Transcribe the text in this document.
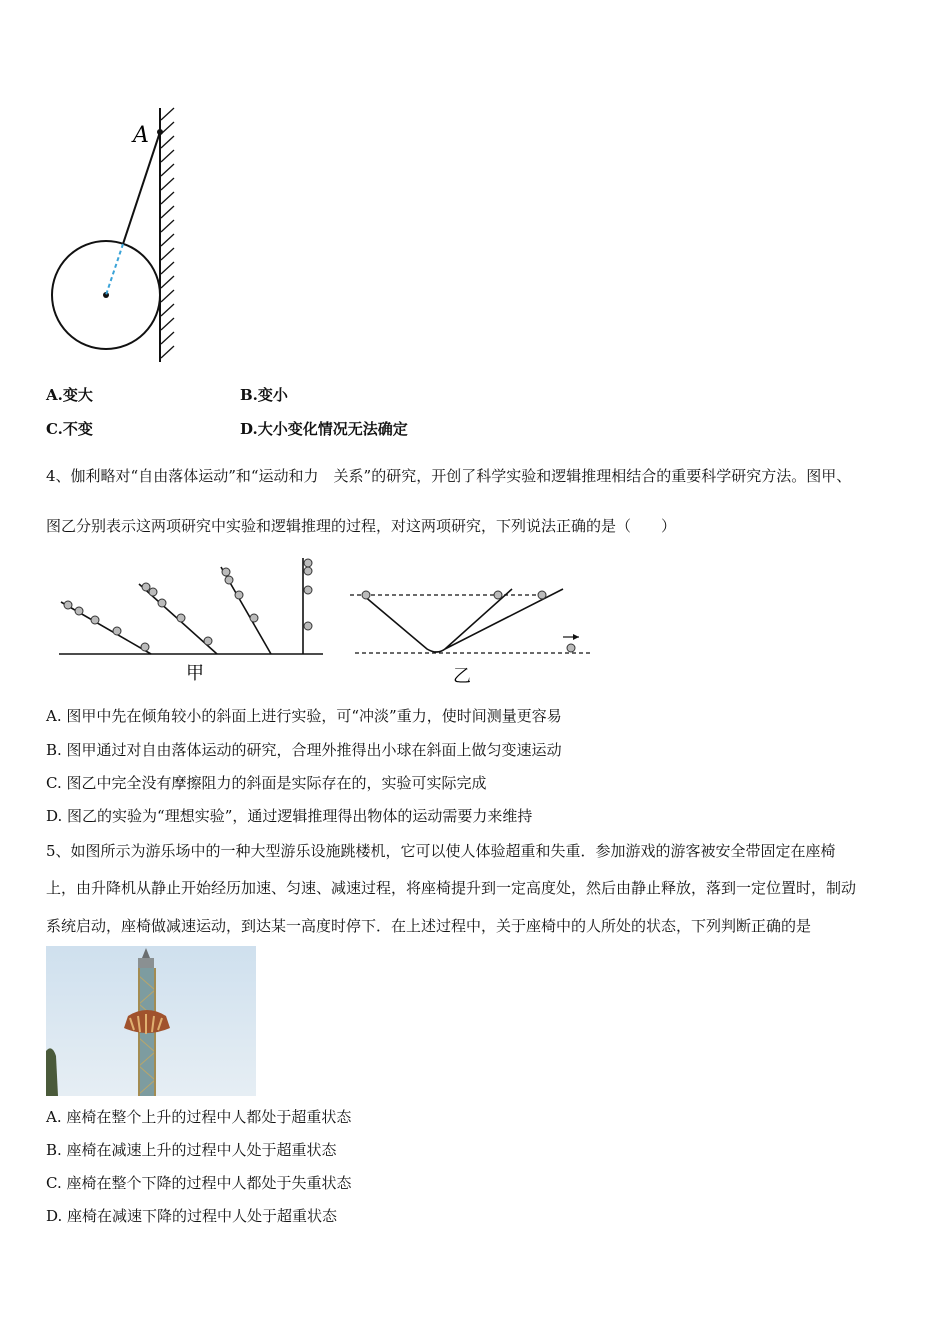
A
A.变大	B.变小
C.不变	D.大小变化情况无法确定
4、伽利略对“自由落体运动”和“运动和力　关系”的研究，开创了科学实验和逻辑推理相结合的重要科学研究方法。图甲、
图乙分别表示这两项研究中实验和逻辑推理的过程，对这两项研究，下列说法正确的是（　　）
甲	乙
A. 图甲中先在倾角较小的斜面上进行实验，可“冲淡”重力，使时间测量更容易
B. 图甲通过对自由落体运动的研究，合理外推得出小球在斜面上做匀变速运动
C. 图乙中完全没有摩擦阻力的斜面是实际存在的，实验可实际完成
D. 图乙的实验为“理想实验”，通过逻辑推理得出物体的运动需要力来维持
5、如图所示为游乐场中的一种大型游乐设施跳楼机，它可以使人体验超重和失重．参加游戏的游客被安全带固定在座椅
上，由升降机从静止开始经历加速、匀速、减速过程，将座椅提升到一定高度处，然后由静止释放，落到一定位置时，制动
系统启动，座椅做减速运动，到达某一高度时停下．在上述过程中，关于座椅中的人所处的状态，下列判断正确的是
A. 座椅在整个上升的过程中人都处于超重状态
B. 座椅在减速上升的过程中人处于超重状态
C. 座椅在整个下降的过程中人都处于失重状态
D. 座椅在减速下降的过程中人处于超重状态
